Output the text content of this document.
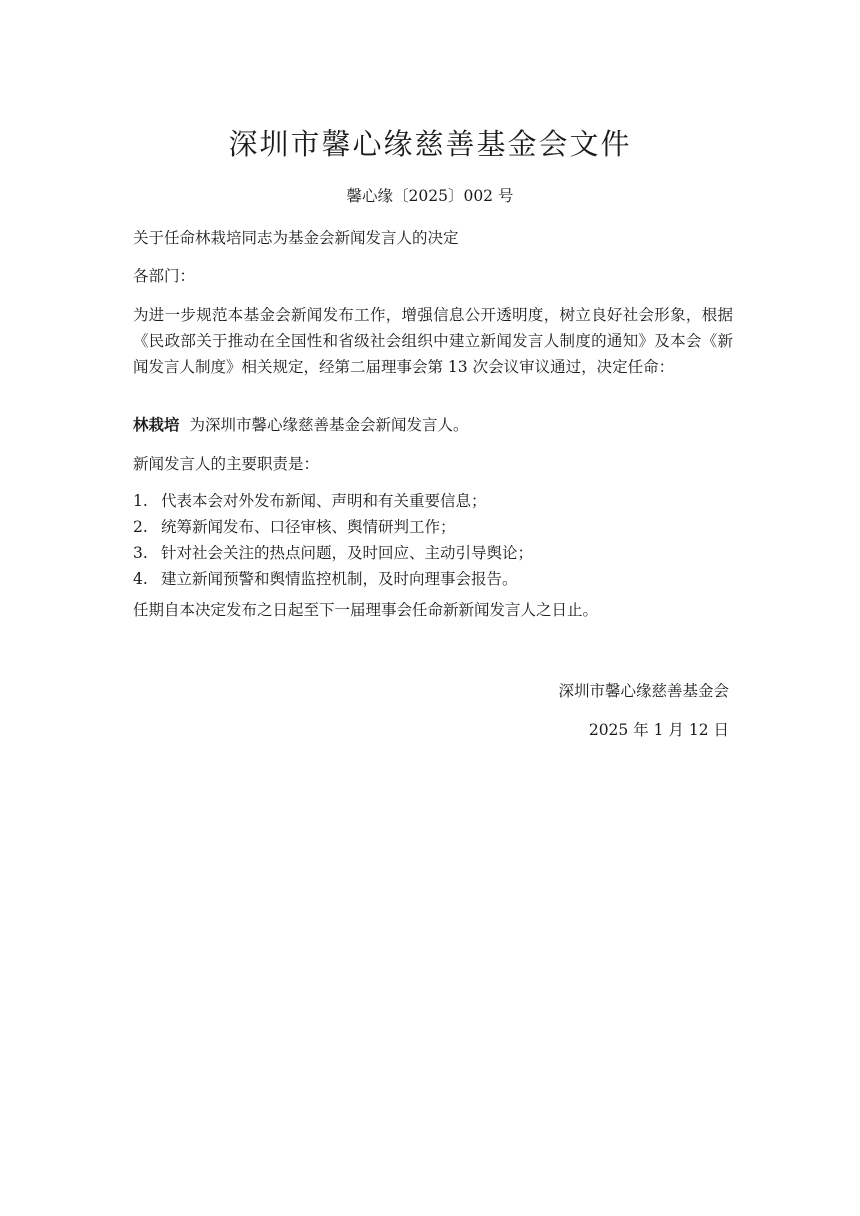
深圳市馨心缘慈善基金会文件
馨心缘〔2025〕002 号
关于任命林栽培同志为基金会新闻发言人的决定
各部门：
为进一步规范本基金会新闻发布工作，增强信息公开透明度，树立良好社会形象，根据《民政部关于推动在全国性和省级社会组织中建立新闻发言人制度的通知》及本会《新闻发言人制度》相关规定，经第二届理事会第 13 次会议审议通过，决定任命：
林栽培 为深圳市馨心缘慈善基金会新闻发言人。
新闻发言人的主要职责是：
1. 代表本会对外发布新闻、声明和有关重要信息；
2. 统筹新闻发布、口径审核、舆情研判工作；
3. 针对社会关注的热点问题，及时回应、主动引导舆论；
4. 建立新闻预警和舆情监控机制，及时向理事会报告。
任期自本决定发布之日起至下一届理事会任命新新闻发言人之日止。
深圳市馨心缘慈善基金会
2025 年 1 月 12 日
